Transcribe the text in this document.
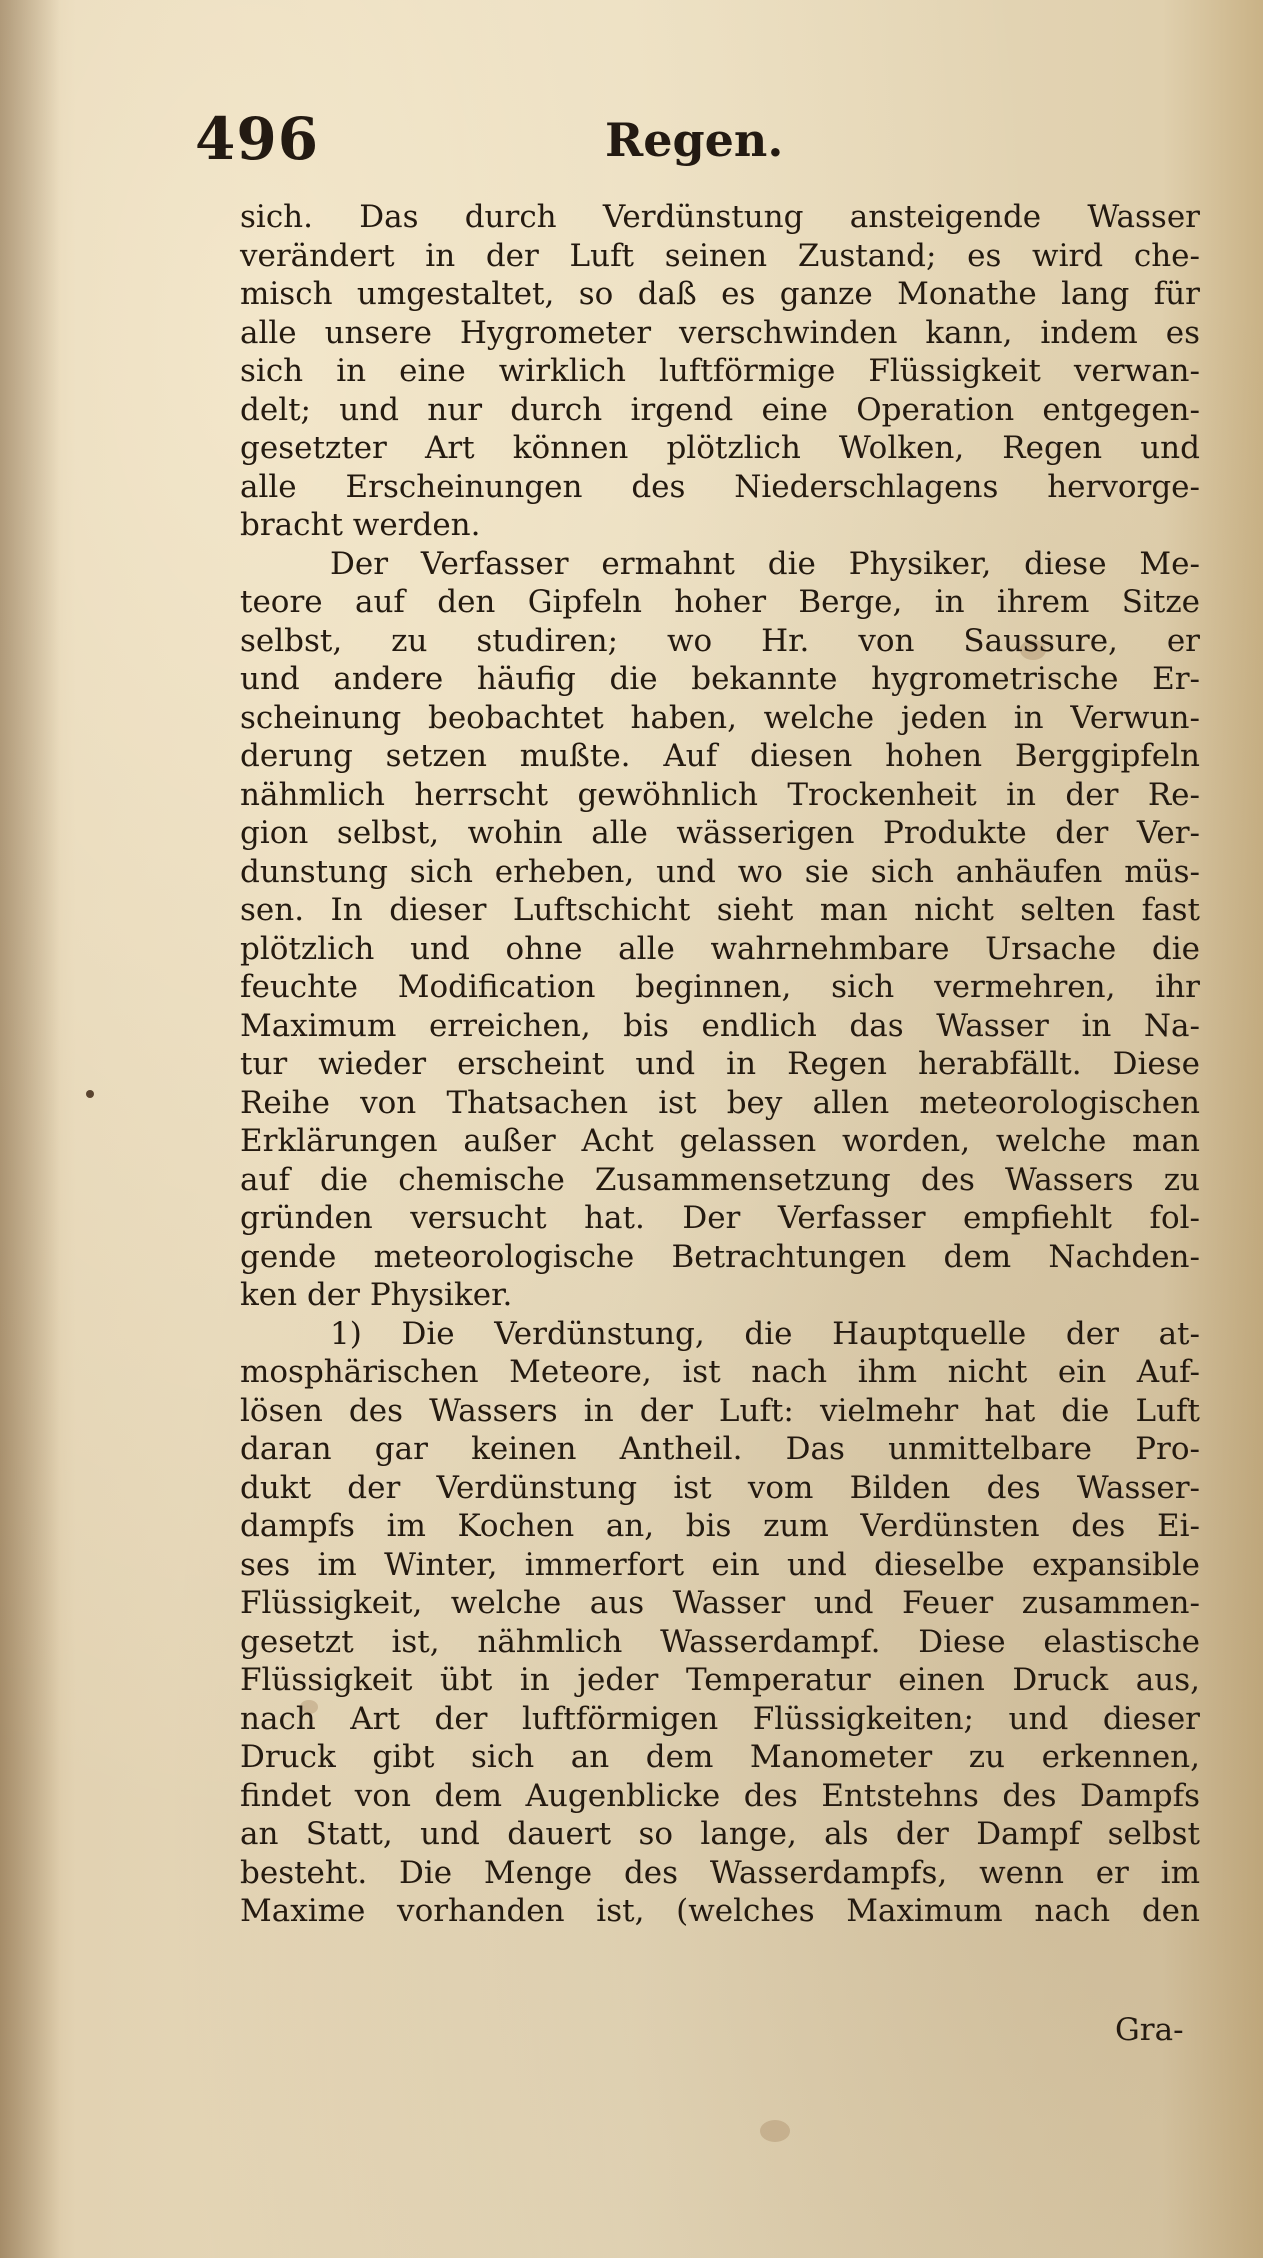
496	Regen.
sich. Das durch Verdünstung ansteigende Wasser
verändert in der Luft seinen Zustand; es wird che-
misch umgestaltet, so daß es ganze Monathe lang für
alle unsere Hygrometer verschwinden kann, indem es
sich in eine wirklich luftförmige Flüssigkeit verwan-
delt; und nur durch irgend eine Operation entgegen-
gesetzter Art können plötzlich Wolken, Regen und
alle Erscheinungen des Niederschlagens hervorge-
bracht werden.
Der Verfasser ermahnt die Physiker, diese Me-
teore auf den Gipfeln hoher Berge, in ihrem Sitze
selbst, zu studiren; wo Hr. von Saussure, er
und andere häufig die bekannte hygrometrische Er-
scheinung beobachtet haben, welche jeden in Verwun-
derung setzen mußte. Auf diesen hohen Berggipfeln
nähmlich herrscht gewöhnlich Trockenheit in der Re-
gion selbst, wohin alle wässerigen Produkte der Ver-
dunstung sich erheben, und wo sie sich anhäufen müs-
sen. In dieser Luftschicht sieht man nicht selten fast
plötzlich und ohne alle wahrnehmbare Ursache die
feuchte Modification beginnen, sich vermehren, ihr
Maximum erreichen, bis endlich das Wasser in Na-
tur wieder erscheint und in Regen herabfällt. Diese
Reihe von Thatsachen ist bey allen meteorologischen
Erklärungen außer Acht gelassen worden, welche man
auf die chemische Zusammensetzung des Wassers zu
gründen versucht hat. Der Verfasser empfiehlt fol-
gende meteorologische Betrachtungen dem Nachden-
ken der Physiker.
1) Die Verdünstung, die Hauptquelle der at-
mosphärischen Meteore, ist nach ihm nicht ein Auf-
lösen des Wassers in der Luft: vielmehr hat die Luft
daran gar keinen Antheil. Das unmittelbare Pro-
dukt der Verdünstung ist vom Bilden des Wasser-
dampfs im Kochen an, bis zum Verdünsten des Ei-
ses im Winter, immerfort ein und dieselbe expansible
Flüssigkeit, welche aus Wasser und Feuer zusammen-
gesetzt ist, nähmlich Wasserdampf. Diese elastische
Flüssigkeit übt in jeder Temperatur einen Druck aus,
nach Art der luftförmigen Flüssigkeiten; und dieser
Druck gibt sich an dem Manometer zu erkennen,
findet von dem Augenblicke des Entstehns des Dampfs
an Statt, und dauert so lange, als der Dampf selbst
besteht. Die Menge des Wasserdampfs, wenn er im
Maxime vorhanden ist, (welches Maximum nach den
Gra-
